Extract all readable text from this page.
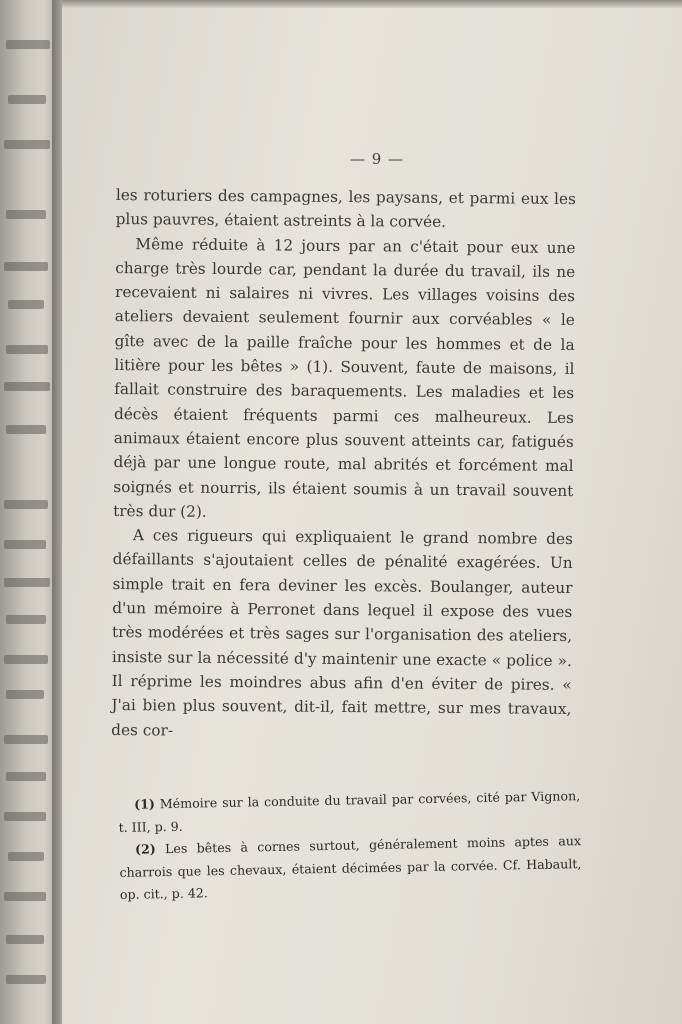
— 9 —

les roturiers des campagnes, les paysans, et parmi eux les plus pauvres, étaient astreints à la corvée.

Même réduite à 12 jours par an c'était pour eux une charge très lourde car, pendant la durée du travail, ils ne recevaient ni salaires ni vivres. Les villages voisins des ateliers devaient seulement fournir aux corvéables « le gîte avec de la paille fraîche pour les hommes et de la litière pour les bêtes » (1). Souvent, faute de maisons, il fallait construire des baraquements. Les maladies et les décès étaient fréquents parmi ces malheureux. Les animaux étaient encore plus souvent atteints car, fatigués déjà par une longue route, mal abrités et forcément mal soignés et nourris, ils étaient soumis à un travail souvent très dur (2).

A ces rigueurs qui expliquaient le grand nombre des défaillants s'ajoutaient celles de pénalité exagérées. Un simple trait en fera deviner les excès. Boulanger, auteur d'un mémoire à Perronet dans lequel il expose des vues très modérées et très sages sur l'organisation des ateliers, insiste sur la nécessité d'y maintenir une exacte « police ». Il réprime les moindres abus afin d'en éviter de pires. « J'ai bien plus souvent, dit-il, fait mettre, sur mes travaux, des cor-

(1) Mémoire sur la conduite du travail par corvées, cité par Vignon, t. III, p. 9.

(2) Les bêtes à cornes surtout, généralement moins aptes aux charrois que les chevaux, étaient décimées par la corvée. Cf. Habault, op. cit., p. 42.
